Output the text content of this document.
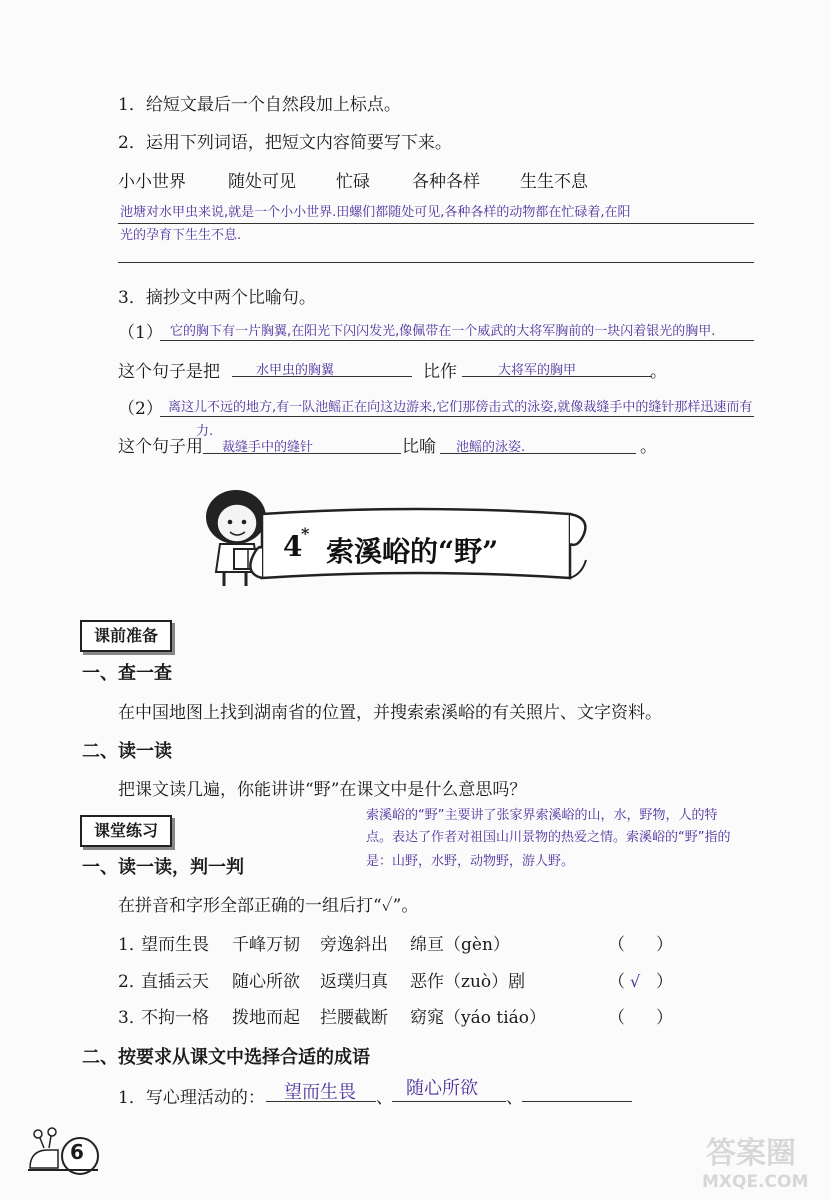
1．给短文最后一个自然段加上标点。
2．运用下列词语，把短文内容简要写下来。
小小世界 随处可见 忙碌 各种各样 生生不息
池塘对水甲虫来说,就是一个小小世界.田螺们都随处可见,各种各样的动物都在忙碌着,在阳
光的孕育下生生不息.
3．摘抄文中两个比喻句。
（1） 它的胸下有一片胸翼,在阳光下闪闪发光,像佩带在一个威武的大将军胸前的一块闪着银光的胸甲.
这个句子是把	水甲虫的胸翼	比作	大将军的胸甲	。
（2） 离这儿不远的地方,有一队池鳐正在向这边游来,它们那傍击式的泳姿,就像裁缝手中的缝针那样迅速而有
力.
这个句子用 裁缝手中的缝针	比喻 池鳐的泳姿.	。
4
*
索溪峪的“野”
课前准备
一、查一查
在中国地图上找到湖南省的位置，并搜索索溪峪的有关照片、文字资料。
二、读一读
把课文读几遍，你能讲讲“野”在课文中是什么意思吗？
索溪峪的“野”主要讲了张家界索溪峪的山，水，野物，人的特
点。表达了作者对祖国山川景物的热爱之情。索溪峪的“野”指的
是：山野，水野，动物野，游人野。
课堂练习
一、读一读，判一判
在拼音和字形全部正确的一组后打“✓”。
1．
望而生畏 千峰万韧 旁逸斜出 绵亘（gèn）	（ ）
2．
直插云天 随心所欲 返璞归真 恶作（zuò）剧	（ √ ）
3．
不拘一格 拨地而起 拦腰截断 窈窕（yáo tiáo）	（ ）
二、按要求从课文中选择合适的成语
1．写心理活动的： 望而生畏 、 随心所欲 、
6	答案圈
MXQE.COM
